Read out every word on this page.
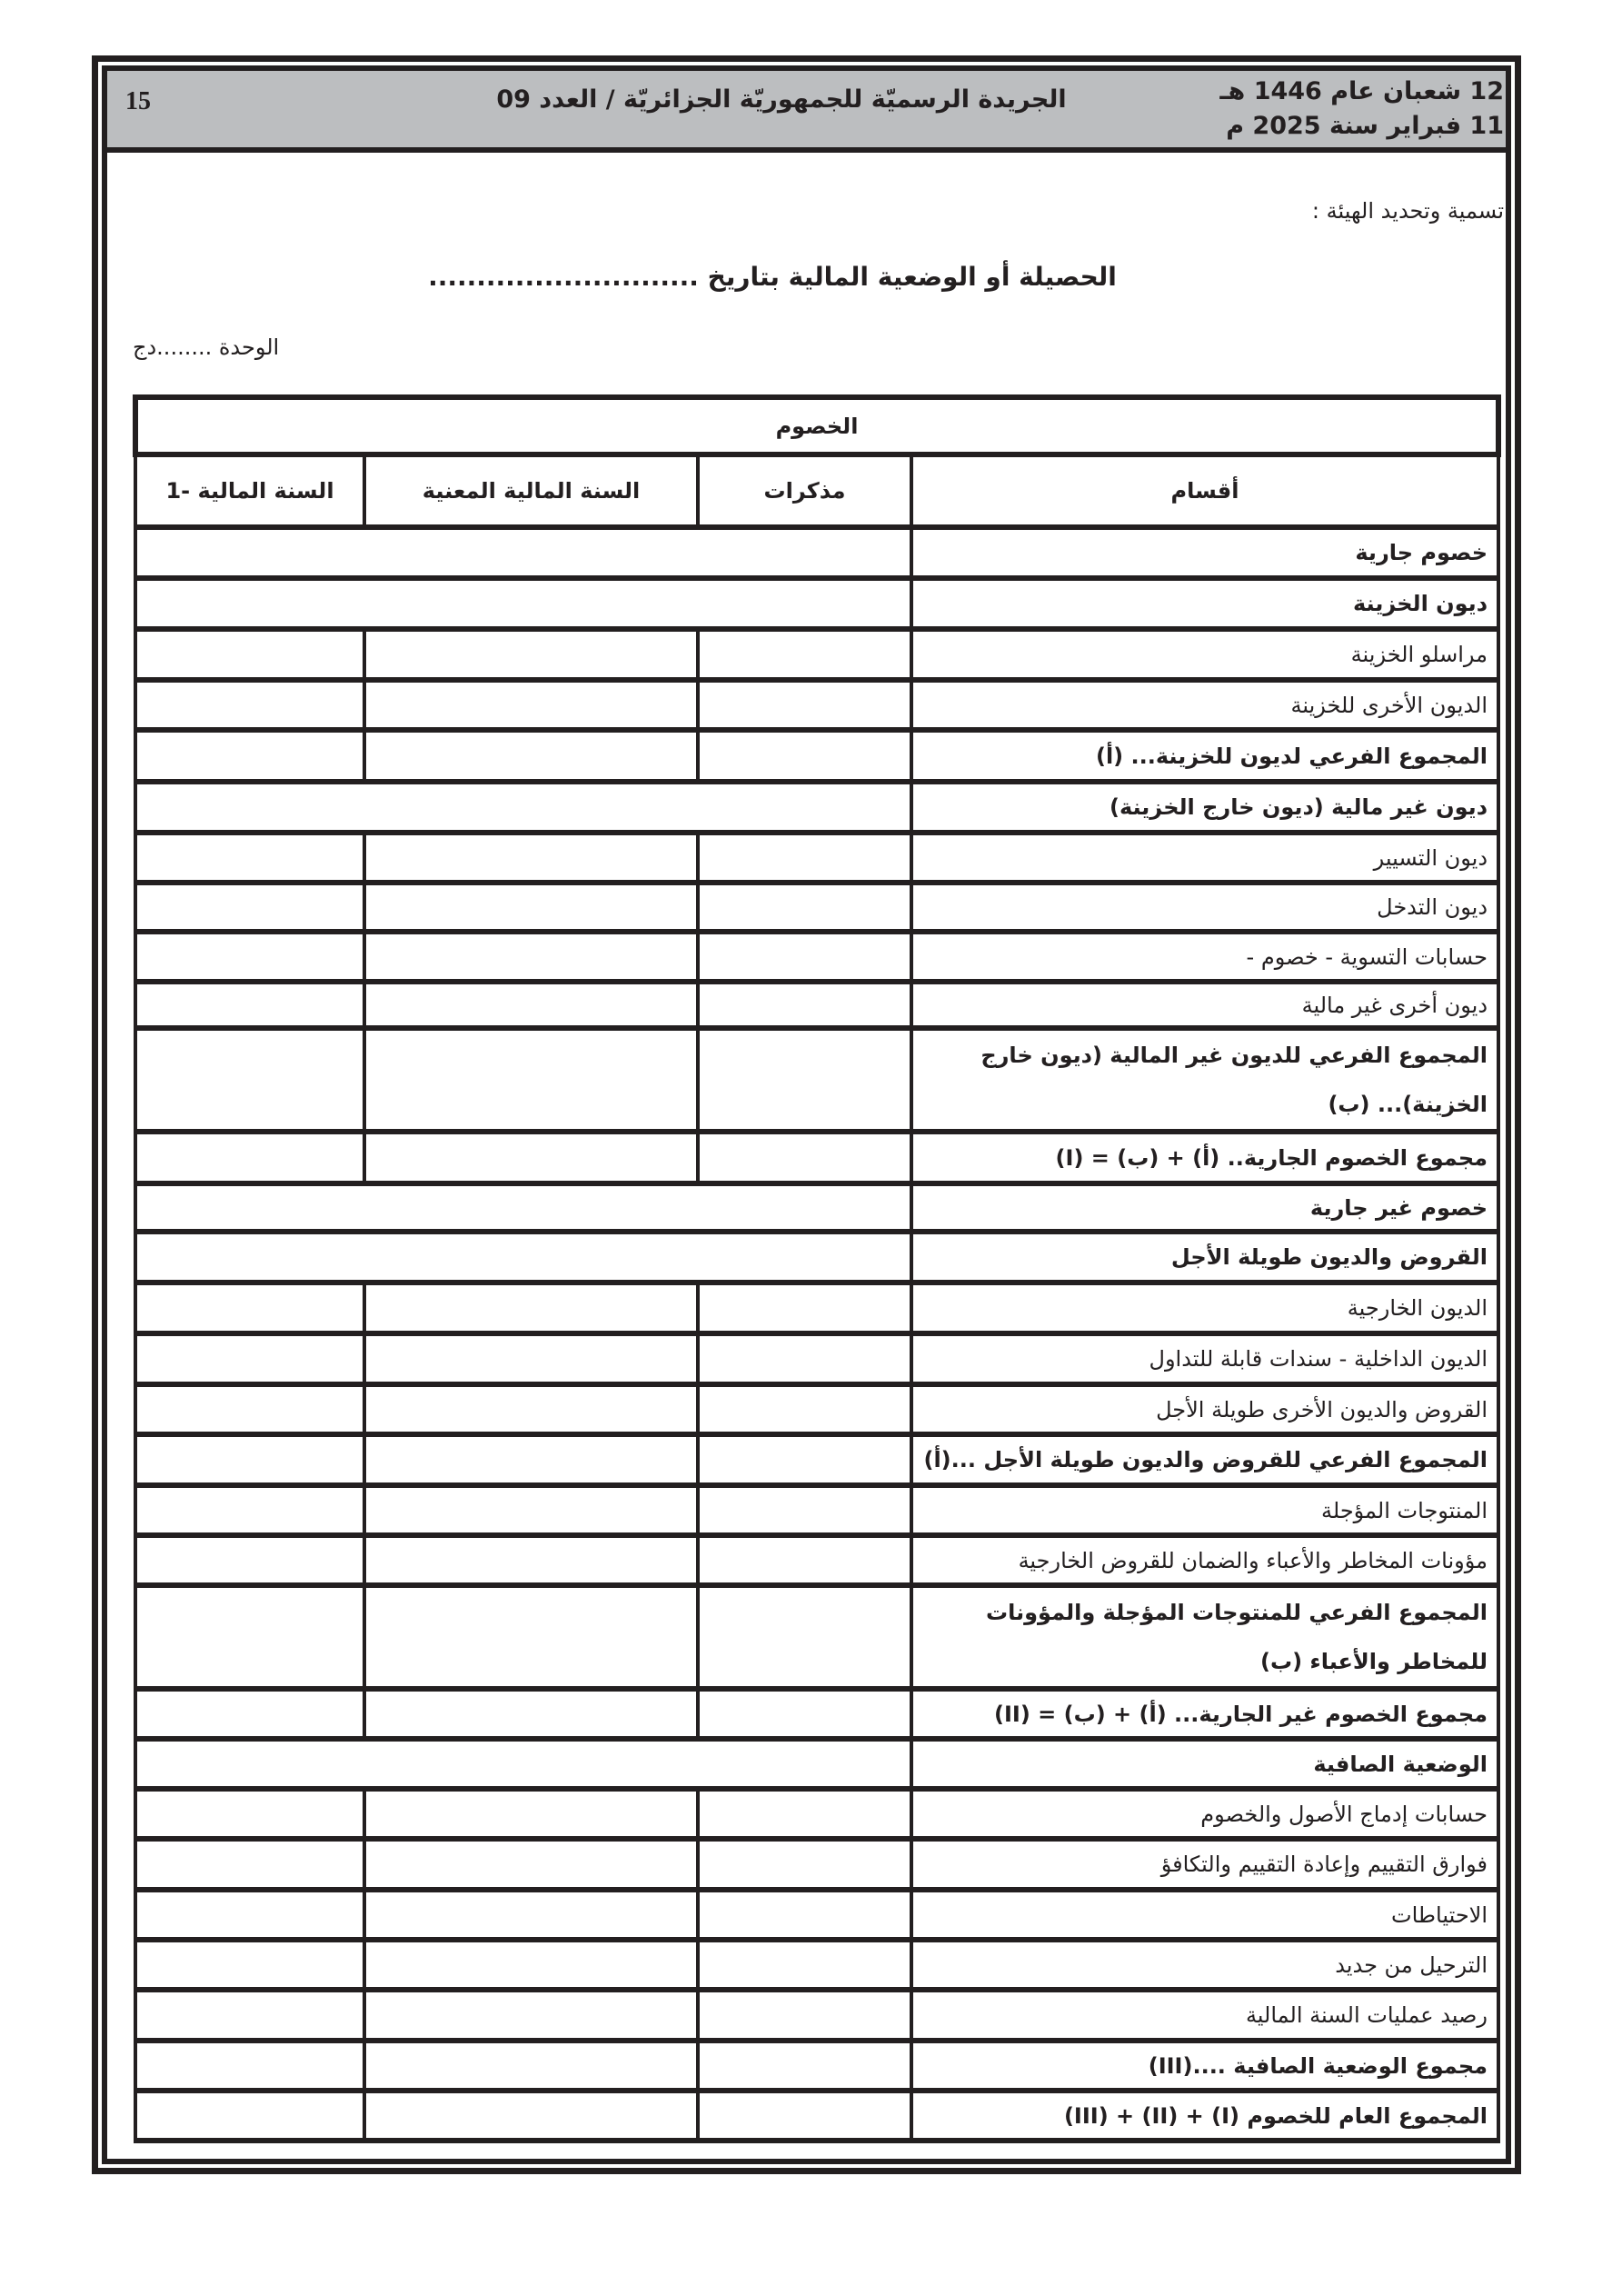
15	الجريدة الرسميّة للجمهوريّة الجزائريّة / العدد 09	12 شعبان عام 1446 هـ
11 فبراير سنة 2025 م
تسمية وتحديد الهيئة :
الحصيلة أو الوضعية المالية بتاريخ ............................
الوحدة ........دج
الخصوم			
أقسام	مذكرات	السنة المالية المعنية	السنة المالية -1
خصوم جارية			
ديون الخزينة			
مراسلو الخزينة			
الديون الأخرى للخزينة			
المجموع الفرعي لديون للخزينة... (أ)			
ديون غير مالية (ديون خارج الخزينة)			
ديون التسيير			
ديون التدخل			
حسابات التسوية - خصوم -			
ديون أخرى غير مالية			
المجموع الفرعي للديون غير المالية (ديون خارج الخزينة)... (ب)			
مجموع الخصوم الجارية.. (أ) + (ب) = (I)			
خصوم غير جارية			
القروض والديون طويلة الأجل			
الديون الخارجية			
الديون الداخلية - سندات قابلة للتداول			
القروض والديون الأخرى طويلة الأجل			
المجموع الفرعي للقروض والديون طويلة الأجل ...(أ)			
المنتوجات المؤجلة			
مؤونات المخاطر والأعباء والضمان للقروض الخارجية			
المجموع الفرعي للمنتوجات المؤجلة والمؤونات للمخاطر والأعباء (ب)			
مجموع الخصوم غير الجارية... (أ) + (ب) = (II)			
الوضعية الصافية			
حسابات إدماج الأصول والخصوم			
فوارق التقييم وإعادة التقييم والتكافؤ			
الاحتياطات			
الترحيل من جديد			
رصيد عمليات السنة المالية			
مجموع الوضعية الصافية ....(III)			
المجموع العام للخصوم (I) + (II) + (III)			
